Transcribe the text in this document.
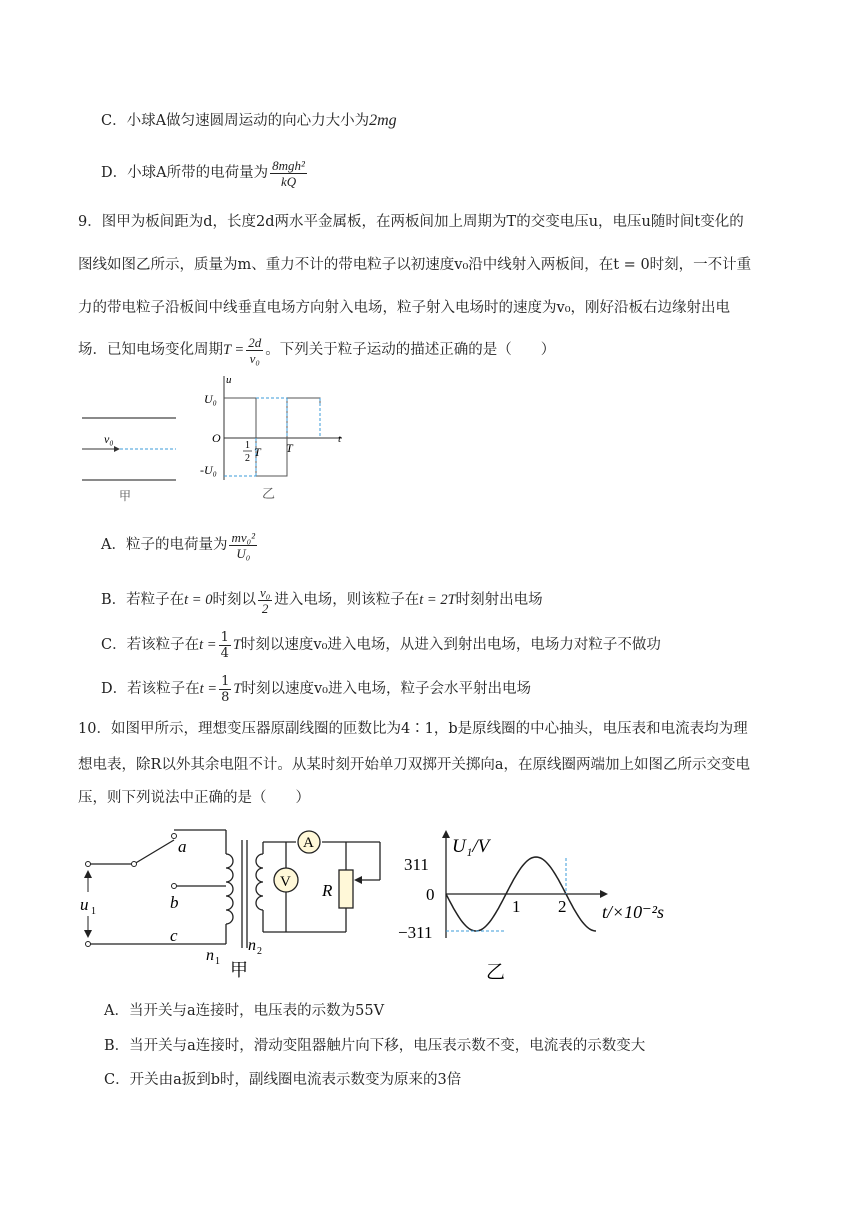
C．小球A做匀速圆周运动的向心力大小为2mg
D．小球A所带的电荷量为 $\frac{\text{8mgh²}}{kQ}$
9．图甲为板间距为d，长度2d两水平金属板，在两板间加上周期为T的交变电压u，电压u随时间t变化的
图线如图乙所示，质量为m、重力不计的带电粒子以初速度v₀沿中线射入两板间，在t = 0时刻，一不计重
力的带电粒子沿板间中线垂直电场方向射入电场，粒子射入电场时的速度为v₀，刚好沿板右边缘射出电
场．已知电场变化周期$T = \frac{2d}{\text{v₀}}$ 。下列关于粒子运动的描述正确的是（　　）
v₀
甲
u
U₀
O
-U₀
1
2 T T
t
乙
A．粒子的电荷量为 $\frac{\text{mv₀²}}{\text{U₀}}$
B．若粒子在t = 0时刻以 $\frac{\text{v₀}}{2}$ 进入电场，则该粒子在t = 2T时刻射出电场
C．若该粒子在$t = \frac{1}{4}$ T时刻以速度v₀进入电场，从进入到射出电场，电场力对粒子不做功
D．若该粒子在$t = \frac{1}{8}$ T时刻以速度v₀进入电场，粒子会水平射出电场
10．如图甲所示，理想变压器原副线圈的匝数比为4∶1，b是原线圈的中心抽头，电压表和电流表均为理
想电表，除R以外其余电阻不计。从某时刻开始单刀双掷开关掷向a，在原线圈两端加上如图乙所示交变电
压，则下列说法中正确的是（　　）
u 1
a
b
c
n 1
n 2
A
V R
甲
U₁/V
311
0
−311
1 2 t/×10⁻²s
乙
A．当开关与a连接时，电压表的示数为55V
B．当开关与a连接时，滑动变阻器触片向下移，电压表示数不变，电流表的示数变大
C．开关由a扳到b时，副线圈电流表示数变为原来的3倍
